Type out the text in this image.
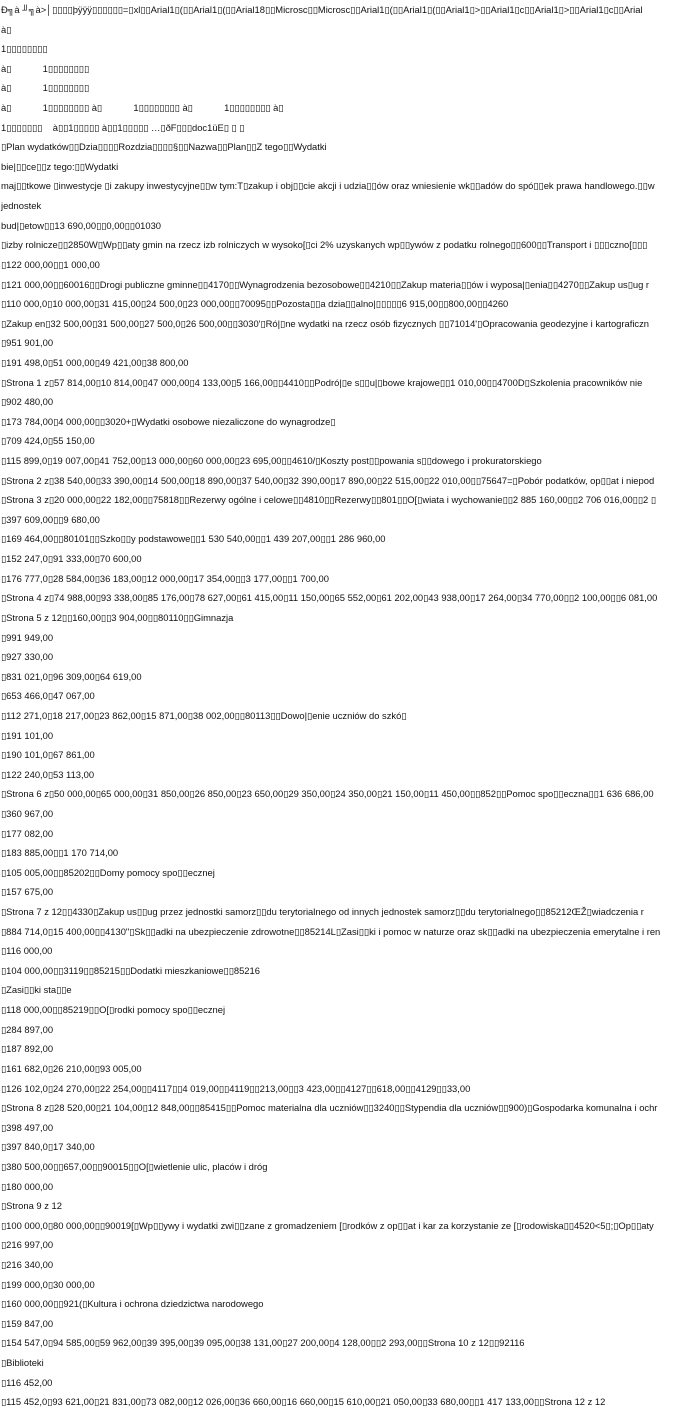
Ð╗à ╜╗à>│▯▯▯▯þÿÿÿ▯▯▯▯▯▯=▯xl▯▯Arial1▯(▯▯Arial1▯(▯▯Arial18▯▯Microsc▯▯Microsc▯▯Arial1▯(▯▯Arial1▯(▯▯Arial1▯>▯▯Arial1▯c▯▯Arial1▯>▯▯Arial1▯c▯▯Arial
à▯
1▯▯▯▯▯▯▯▯
à▯            1▯▯▯▯▯▯▯▯
à▯            1▯▯▯▯▯▯▯▯
à▯            1▯▯▯▯▯▯▯▯ à▯            1▯▯▯▯▯▯▯▯ à▯            1▯▯▯▯▯▯▯▯ à▯
1▯▯▯▯▯▯▯    à▯▯1▯▯▯▯▯ à▯▯1▯▯▯▯▯ …▯ðF▯▯▯doc1üE▯ ▯ ▯
▯Plan wydatków▯▯Dzia▯▯▯▯Rozdzia▯▯▯▯§▯▯Nazwa▯▯Plan▯▯Z tego▯▯Wydatki
bie|▯▯ce▯▯z tego:▯▯Wydatki
maj▯▯tkowe ▯inwestycje ▯i zakupy inwestycyjne▯▯w tym:T▯zakup i obj▯▯cie akcji i udzia▯▯ów oraz wniesienie wk▯▯adów do spó▯▯ek prawa handlowego.▯▯w
jednostek
bud|▯etow▯▯13 690,00▯▯0,00▯▯01030
▯izby rolnicze▯▯2850W▯Wp▯▯aty gmin na rzecz izb rolniczych w wysoko[▯ci 2% uzyskanych wp▯▯ywów z podatku rolnego▯▯600▯▯Transport i ▯▯▯czno[▯▯▯
▯122 000,00▯▯1 000,00
▯121 000,00▯▯60016▯▯Drogi publiczne gminne▯▯4170▯▯Wynagrodzenia bezosobowe▯▯4210▯▯Zakup materia▯▯ów i wyposa|▯enia▯▯4270▯▯Zakup us▯ug r
▯110 000,0▯10 000,00▯31 415,00▯24 500,0▯23 000,00▯▯70095▯▯Pozosta▯▯a dzia▯▯alno|▯▯▯▯▯6 915,00▯▯800,00▯▯4260
▯Zakup en▯32 500,00▯31 500,00▯27 500,0▯26 500,00▯▯3030'▯Ró|▯ne wydatki na rzecz osób fizycznych ▯▯71014'▯Opracowania geodezyjne i kartograficzn
▯951 901,00
▯191 498,0▯51 000,00▯49 421,00▯38 800,00
▯Strona 1 z▯57 814,00▯10 814,00▯47 000,00▯4 133,00▯5 166,00▯▯4410▯▯Podró|▯e s▯▯u|▯bowe krajowe▯▯1 010,00▯▯4700D▯Szkolenia pracowników nie
▯902 480,00
▯173 784,00▯4 000,00▯▯3020+▯Wydatki osobowe niezaliczone do wynagrodze▯
▯709 424,0▯55 150,00
▯115 899,0▯19 007,00▯41 752,00▯13 000,00▯60 000,00▯23 695,00▯▯4610/▯Koszty post▯▯powania s▯▯dowego i prokuratorskiego
▯Strona 2 z▯38 540,00▯33 390,00▯14 500,00▯18 890,00▯37 540,00▯32 390,00▯17 890,00▯22 515,00▯22 010,00▯▯75647=▯Pobór podatków, op▯▯at i niepod
▯Strona 3 z▯20 000,00▯22 182,00▯▯75818▯▯Rezerwy ogólne i celowe▯▯4810▯▯Rezerwy▯▯801▯▯O[▯wiata i wychowanie▯▯2 885 160,00▯▯2 706 016,00▯▯2 ▯
▯397 609,00▯▯9 680,00
▯169 464,00▯▯80101▯▯Szko▯▯y podstawowe▯▯1 530 540,00▯▯1 439 207,00▯▯1 286 960,00
▯152 247,0▯91 333,00▯70 600,00
▯176 777,0▯28 584,00▯36 183,00▯12 000,00▯17 354,00▯▯3 177,00▯▯1 700,00
▯Strona 4 z▯74 988,00▯93 338,00▯85 176,00▯78 627,00▯61 415,00▯11 150,00▯65 552,00▯61 202,00▯43 938,00▯17 264,00▯34 770,00▯▯2 100,00▯▯6 081,00
▯Strona 5 z 12▯▯160,00▯▯3 904,00▯▯80110▯▯Gimnazja
▯991 949,00
▯927 330,00
▯831 021,0▯96 309,00▯64 619,00
▯653 466,0▯47 067,00
▯112 271,0▯18 217,00▯23 862,00▯15 871,00▯38 002,00▯▯80113▯▯Dowo|▯enie uczniów do szkó▯
▯191 101,00
▯190 101,0▯67 861,00
▯122 240,0▯53 113,00
▯Strona 6 z▯50 000,00▯65 000,00▯31 850,00▯26 850,00▯23 650,00▯29 350,00▯24 350,00▯21 150,00▯11 450,00▯▯852▯▯Pomoc spo▯▯eczna▯▯1 636 686,00
▯360 967,00
▯177 082,00
▯183 885,00▯▯1 170 714,00
▯105 005,00▯▯85202▯▯Domy pomocy spo▯▯ecznej
▯157 675,00
▯Strona 7 z 12▯▯4330▯Zakup us▯▯ug przez jednostki samorz▯▯du terytorialnego od innych jednostek samorz▯▯du terytorialnego▯▯85212ŒŽ▯wiadczenia r
▯884 714,0▯15 400,00▯▯4130"▯Sk▯▯adki na ubezpieczenie zdrowotne▯▯85214L▯Zasi▯▯ki i pomoc w naturze oraz sk▯▯adki na ubezpieczenia emerytalne i ren
▯116 000,00
▯104 000,00▯▯3119▯▯85215▯▯Dodatki mieszkaniowe▯▯85216
▯Zasi▯▯ki sta▯▯e
▯118 000,00▯▯85219▯▯O[▯rodki pomocy spo▯▯ecznej
▯284 897,00
▯187 892,00
▯161 682,0▯26 210,00▯93 005,00
▯126 102,0▯24 270,00▯22 254,00▯▯4117▯▯4 019,00▯▯4119▯▯213,00▯▯3 423,00▯▯4127▯▯618,00▯▯4129▯▯33,00
▯Strona 8 z▯28 520,00▯21 104,00▯12 848,00▯▯85415▯▯Pomoc materialna dla uczniów▯▯3240▯▯Stypendia dla uczniów▯▯900)▯Gospodarka komunalna i ochr
▯398 497,00
▯397 840,0▯17 340,00
▯380 500,00▯▯657,00▯▯90015▯▯O[▯wietlenie ulic, placów i dróg
▯180 000,00
▯Strona 9 z 12
▯100 000,0▯80 000,00▯▯90019[▯Wp▯▯ywy i wydatki zwi▯▯zane z gromadzeniem [▯rodków z op▯▯at i kar za korzystanie ze [▯rodowiska▯▯4520<5▯;▯Op▯▯aty
▯216 997,00
▯216 340,00
▯199 000,0▯30 000,00
▯160 000,00▯▯921(▯Kultura i ochrona dziedzictwa narodowego
▯159 847,00
▯154 547,0▯94 585,00▯59 962,00▯39 395,00▯39 095,00▯38 131,00▯27 200,00▯4 128,00▯▯2 293,00▯▯Strona 10 z 12▯▯92116
▯Biblioteki
▯116 452,00
▯115 452,0▯93 621,00▯21 831,00▯73 082,00▯12 026,00▯36 660,00▯16 660,00▯15 610,00▯21 050,00▯33 680,00▯▯1 417 133,00▯▯Strona 12 z 12
